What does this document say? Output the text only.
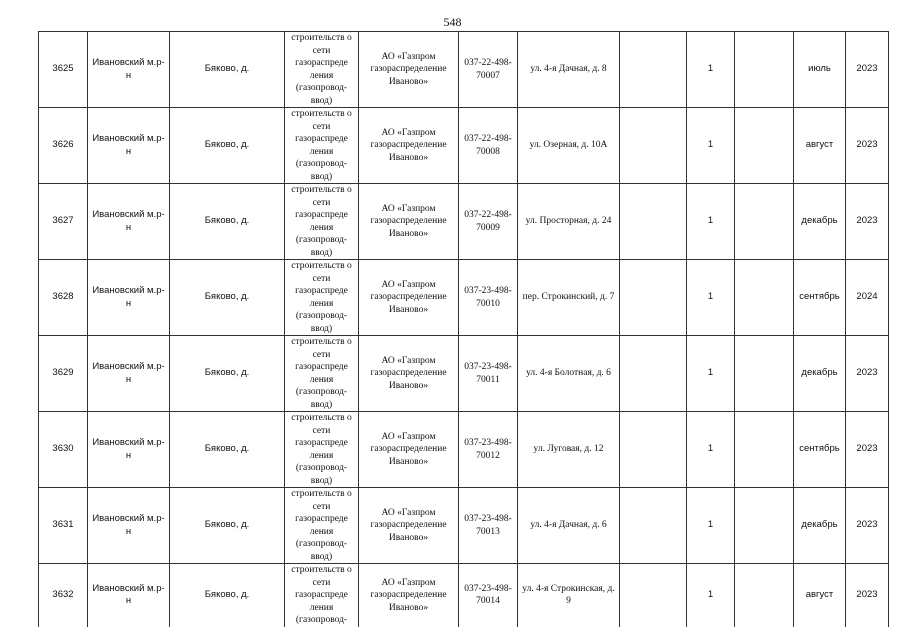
548
3625	Ивановский м.р-н	Бяково, д.	строительств о сети газораспреде ления (газопровод-ввод)	АО «Газпром газораспределение Иваново»	037-22-498-70007	ул. 4-я Дачная, д. 8		1		июль	2023
3626	Ивановский м.р-н	Бяково, д.	строительств о сети газораспреде ления (газопровод-ввод)	АО «Газпром газораспределение Иваново»	037-22-498-70008	ул. Озерная, д. 10А		1		август	2023
3627	Ивановский м.р-н	Бяково, д.	строительств о сети газораспреде ления (газопровод-ввод)	АО «Газпром газораспределение Иваново»	037-22-498-70009	ул. Просторная, д. 24		1		декабрь	2023
3628	Ивановский м.р-н	Бяково, д.	строительств о сети газораспреде ления (газопровод-ввод)	АО «Газпром газораспределение Иваново»	037-23-498-70010	пер. Строкинский, д. 7		1		сентябрь	2024
3629	Ивановский м.р-н	Бяково, д.	строительств о сети газораспреде ления (газопровод-ввод)	АО «Газпром газораспределение Иваново»	037-23-498-70011	ул. 4-я Болотная, д. 6		1		декабрь	2023
3630	Ивановский м.р-н	Бяково, д.	строительств о сети газораспреде ления (газопровод-ввод)	АО «Газпром газораспределение Иваново»	037-23-498-70012	ул. Луговая, д. 12		1		сентябрь	2023
3631	Ивановский м.р-н	Бяково, д.	строительств о сети газораспреде ления (газопровод-ввод)	АО «Газпром газораспределение Иваново»	037-23-498-70013	ул. 4-я Дачная, д. 6		1		декабрь	2023
3632	Ивановский м.р-н	Бяково, д.	строительств о сети газораспреде ления (газопровод-	АО «Газпром газораспределение Иваново»	037-23-498-70014	ул. 4-я Строкинская, д. 9		1		август	2023
